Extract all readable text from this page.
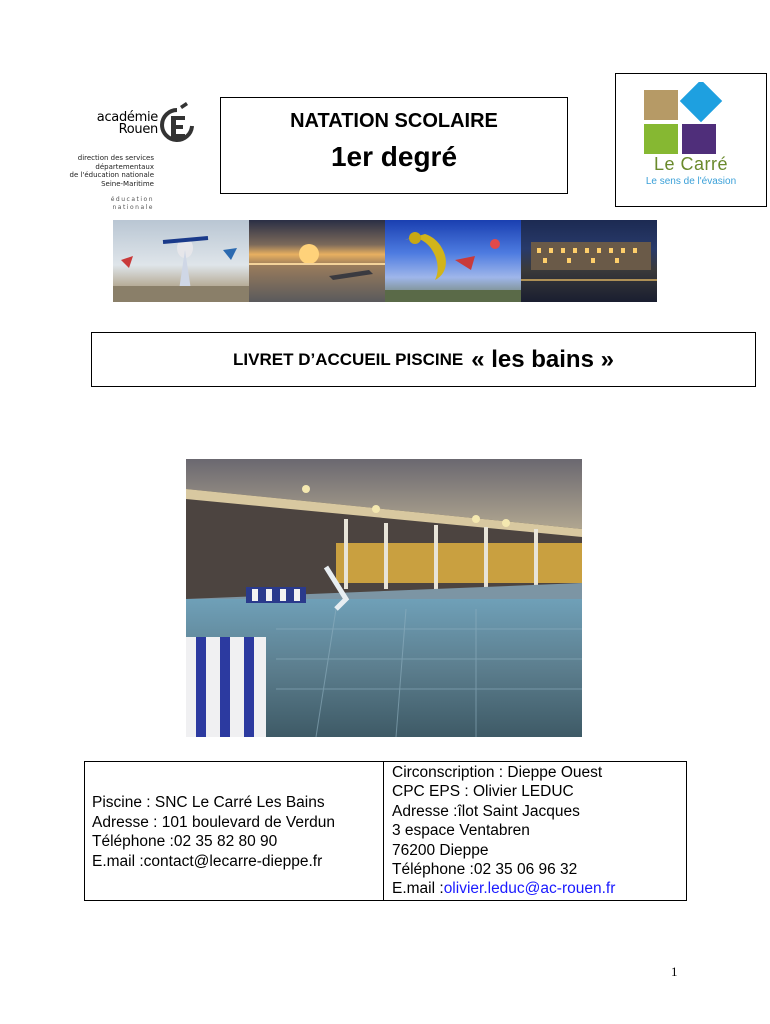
académie
Rouen
direction des services
départementaux
de l'éducation nationale
Seine-Maritime
éducation
nationale
NATATION SCOLAIRE
1er degré	Le Carré
Le sens de l'évasion
LIVRET D’ACCUEIL PISCINE « les bains »
Piscine : SNC Le Carré Les Bains
Adresse : 101 boulevard de Verdun
Téléphone :02 35 82 80 90
E.mail :contact@lecarre-dieppe.fr
Circonscription : Dieppe Ouest
CPC EPS : Olivier LEDUC
Adresse :îlot Saint Jacques
3 espace Ventabren
76200 Dieppe
Téléphone :02 35 06 96 32
E.mail :olivier.leduc@ac-rouen.fr
1
